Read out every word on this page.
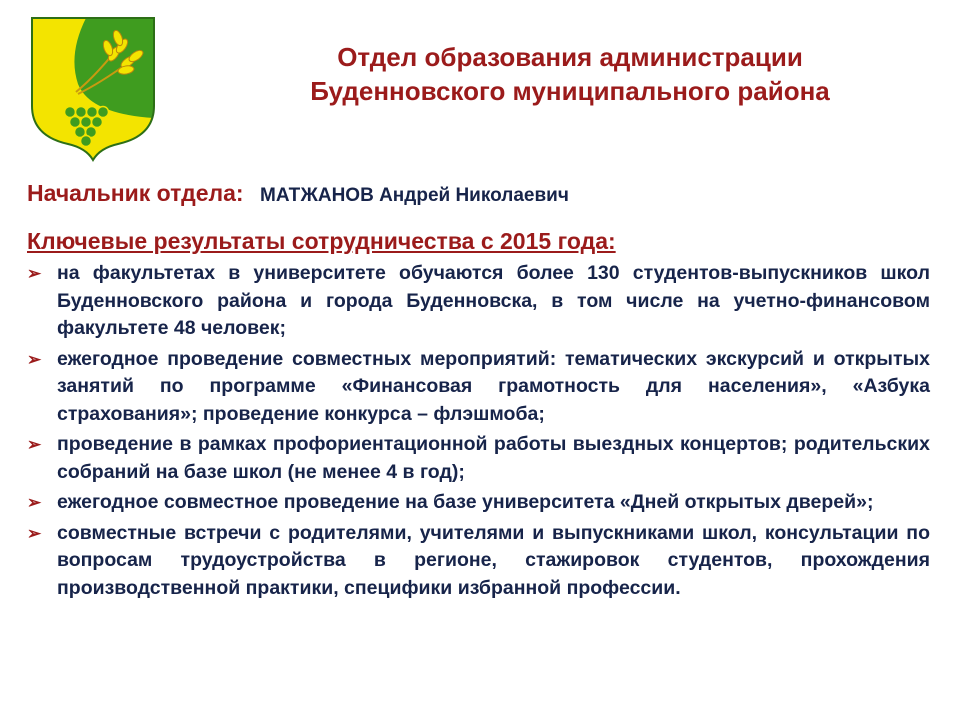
Отдел образования администрации
Буденновского муниципального района
Начальник отдела: МАТЖАНОВ Андрей Николаевич
Ключевые результаты сотрудничества с 2015 года:
➢ на факультетах в университете обучаются более 130 студентов-выпускников школ Буденновского района и города Буденновска, в том числе на учетно-финансовом факультете 48 человек;
➢ ежегодное проведение совместных мероприятий: тематических экскурсий и открытых занятий по программе «Финансовая грамотность для населения», «Азбука страхования»; проведение конкурса – флэшмоба;
➢ проведение в рамках профориентационной работы выездных концертов; родительских собраний на базе школ (не менее 4 в год);
➢ ежегодное совместное проведение на базе университета «Дней открытых дверей»;
➢ совместные встречи с родителями, учителями и выпускниками школ, консультации по вопросам трудоустройства в регионе, стажировок студентов, прохождения производственной практики, специфики избранной профессии.
